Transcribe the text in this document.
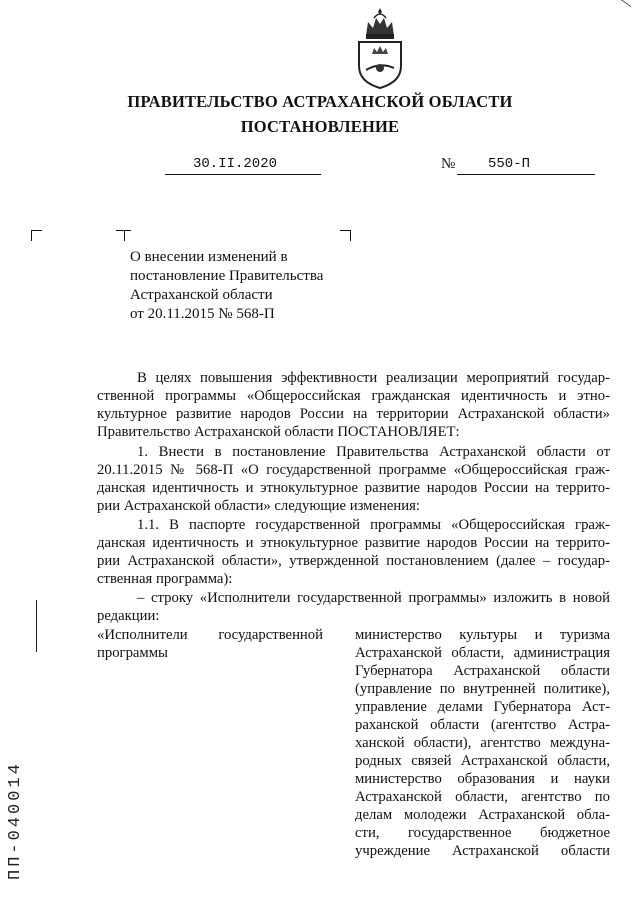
ПРАВИТЕЛЬСТВО АСТРАХАНСКОЙ ОБЛАСТИ
ПОСТАНОВЛЕНИЕ
30.II.2020	№ 550-П
О внесении изменений в
постановление Правительства
Астраханской области
от 20.11.2015 № 568-П
В целях повышения эффективности реализации мероприятий государ-
ственной программы «Общероссийская гражданская идентичность и этно-
культурное развитие народов России на территории Астраханской области»
Правительство Астраханской области ПОСТАНОВЛЯЕТ:
1. Внести в постановление Правительства Астраханской области от
20.11.2015 № 568-П «О государственной программе «Общероссийская граж-
данская идентичность и этнокультурное развитие народов России на террито-
рии Астраханской области» следующие изменения:
1.1. В паспорте государственной программы «Общероссийская граж-
данская идентичность и этнокультурное развитие народов России на террито-
рии Астраханской области», утвержденной постановлением (далее – государ-
ственная программа):
– строку «Исполнители государственной программы» изложить в новой
редакции:
«Исполнители государственной
программы
министерство культуры и туризма
Астраханской области, администрация
Губернатора Астраханской области
(управление по внутренней политике),
управление делами Губернатора Аст-
раханской области (агентство Астра-
ханской области), агентство междуна-
родных связей Астраханской области,
министерство образования и науки
Астраханской области, агентство по
делам молодежи Астраханской обла-
сти, государственное бюджетное
учреждение Астраханской области
ПП-040014
